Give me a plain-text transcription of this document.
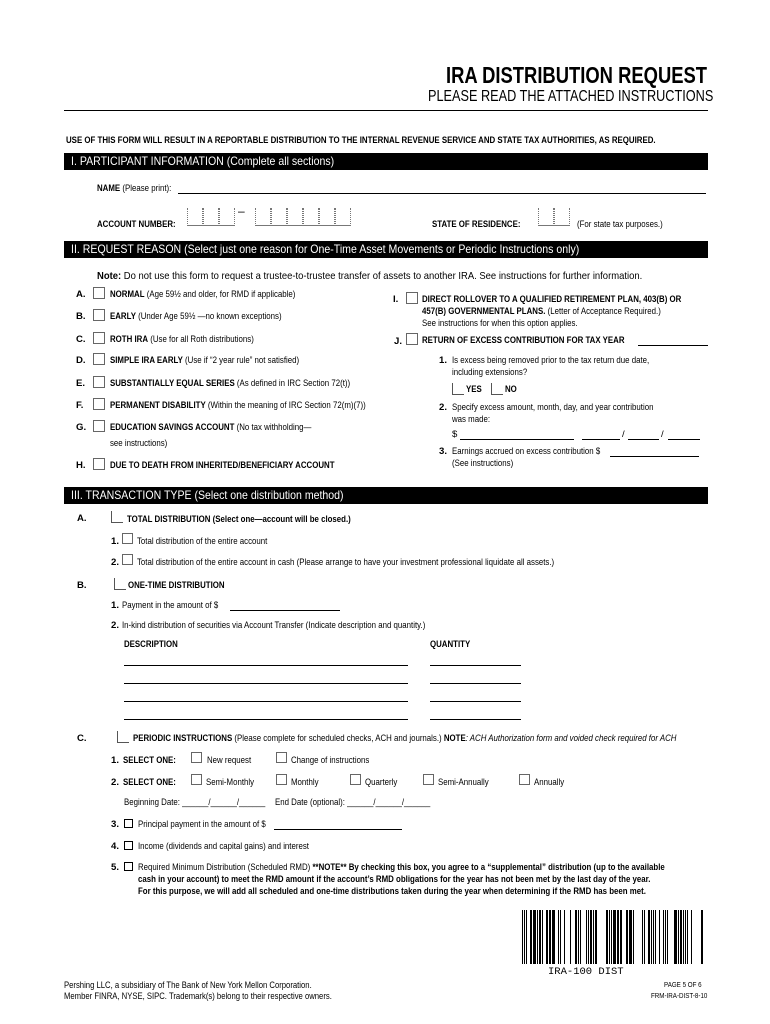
IRA DISTRIBUTION REQUEST
PLEASE READ THE ATTACHED INSTRUCTIONS
USE OF THIS FORM WILL RESULT IN A REPORTABLE DISTRIBUTION TO THE INTERNAL REVENUE SERVICE AND STATE TAX AUTHORITIES, AS REQUIRED.
I. PARTICIPANT INFORMATION (Complete all sections)
NAME (Please print):
ACCOUNT NUMBER:
–
STATE OF RESIDENCE:	(For state tax purposes.)
II. REQUEST REASON (Select just one reason for One-Time Asset Movements or Periodic Instructions only)
Note: Do not use this form to request a trustee-to-trustee transfer of assets to another IRA. See instructions for further information.
A.	NORMAL (Age 59½ and older, for RMD if applicable)
B.	EARLY (Under Age 59½ —no known exceptions)
C.	ROTH IRA (Use for all Roth distributions)
D.	SIMPLE IRA EARLY (Use if “2 year rule” not satisfied)
E.	SUBSTANTIALLY EQUAL SERIES (As defined in IRC Section 72(t))
F.	PERMANENT DISABILITY (Within the meaning of IRC Section 72(m)(7))
G. EDUCATION SAVINGS ACCOUNT (No tax withholding—
see instructions)
H.	DUE TO DEATH FROM INHERITED/BENEFICIARY ACCOUNT
I. DIRECT ROLLOVER TO A QUALIFIED RETIREMENT PLAN, 403(B) OR
457(B) GOVERNMENTAL PLANS. (Letter of Acceptance Required.)
See instructions for when this option applies.
J. RETURN OF EXCESS CONTRIBUTION FOR TAX YEAR
1. Is excess being removed prior to the tax return due date,
including extensions?
YES NO
2. Specify excess amount, month, day, and year contribution
was made:
$	/	/
3. Earnings accrued on excess contribution $
(See instructions)
III. TRANSACTION TYPE (Select one distribution method)
A.	TOTAL DISTRIBUTION (Select one—account will be closed.)
1. Total distribution of the entire account
2. Total distribution of the entire account in cash (Please arrange to have your investment professional liquidate all assets.)
B.	ONE-TIME DISTRIBUTION
1. Payment in the amount of $
2. In-kind distribution of securities via Account Transfer (Indicate description and quantity.)
DESCRIPTION	QUANTITY
C.	PERIODIC INSTRUCTIONS (Please complete for scheduled checks, ACH and journals.) NOTE: ACH Authorization form and voided check required for ACH
1. SELECT ONE:	New request	Change of instructions
2. SELECT ONE:	Semi-Monthly	Monthly	Quarterly	Semi-Annually	Annually
Beginning Date: ______/______/______ End Date (optional): ______/______/______
3. Principal payment in the amount of $
4. Income (dividends and capital gains) and interest
5. Required Minimum Distribution (Scheduled RMD) **NOTE** By checking this box, you agree to a “supplemental” distribution (up to the available
cash in your account) to meet the RMD amount if the account’s RMD obligations for the year has not been met by the last day of the year.
For this purpose, we will add all scheduled and one-time distributions taken during the year when determining if the RMD has been met.
IRA-100 DIST
Pershing LLC, a subsidiary of The Bank of New York Mellon Corporation.
Member FINRA, NYSE, SIPC. Trademark(s) belong to their respective owners.
PAGE 5 OF 6
FRM-IRA-DIST-8-10
